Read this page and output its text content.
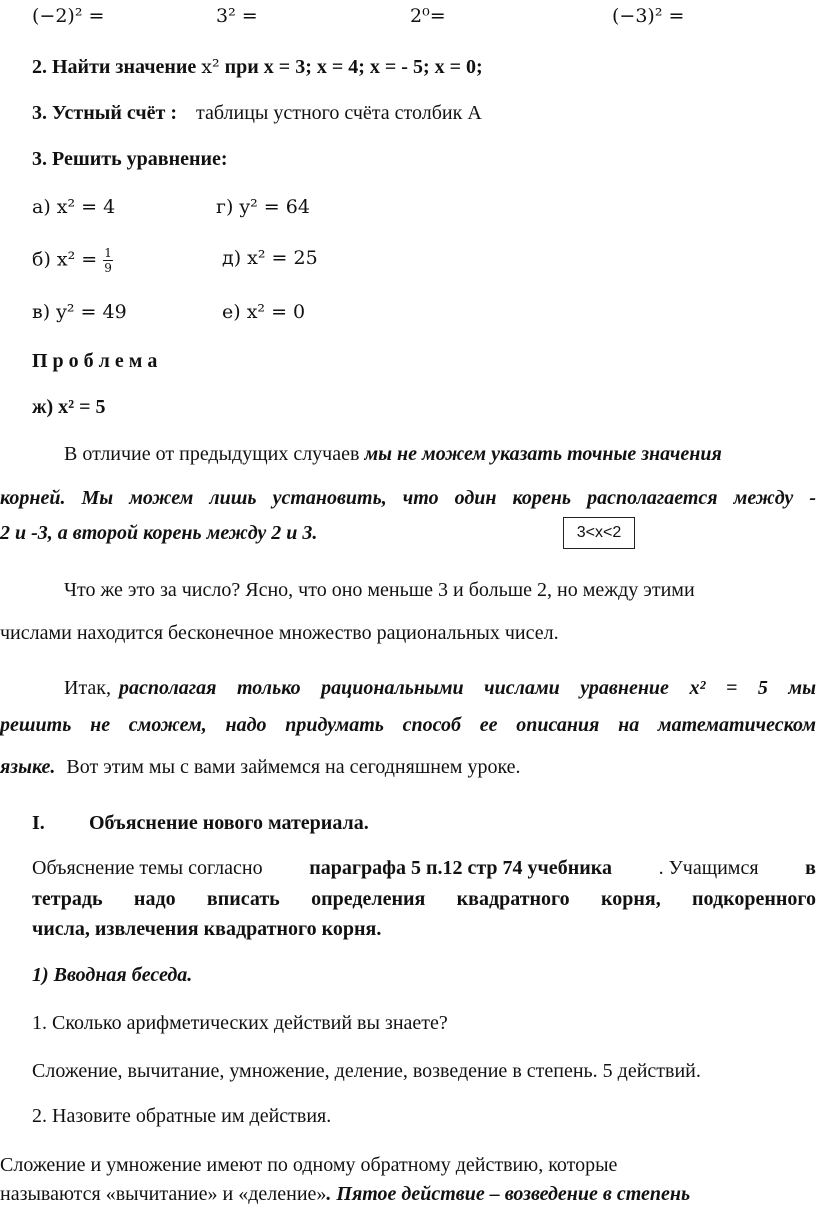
(−2)² =	3² =	2⁰=	(−3)² =
2. Найти значение x² при x = 3; x = 4; x = - 5; x = 0;
3. Устный счёт : таблицы устного счёта столбик А
3. Решить уравнение:
а) x² = 4	г) y² = 64
б) $x^2 = \frac{1}{9}$	д) x² = 25
в) y² = 49	е) x² = 0
П р о б л е м а
ж) x² = 5
В отличие от предыдущих случаев мы не можем указать точные значения
корней. Мы можем лишь установить, что один корень располагается между -
2 и -3, а второй корень между 2 и 3.	3<x<2
Что же это за число? Ясно, что оно меньше 3 и больше 2, но между этими
числами находится бесконечное множество рациональных чисел.
Итак, располагая только рациональными числами уравнение x² = 5 мы
решить не сможем, надо придумать способ ее описания на математическом
языке. Вот этим мы с вами займемся на сегодняшнем уроке.
I. Объяснение нового материала.
Объяснение темы согласно параграфа 5 п.12 стр 74 учебника . Учащимся в
тетрадь надо вписать определения квадратного корня, подкоренного
числа, извлечения квадратного корня.
1) Вводная беседа.
1. Сколько арифметических действий вы знаете?
Сложение, вычитание, умножение, деление, возведение в степень. 5 действий.
2. Назовите обратные им действия.
Сложение и умножение имеют по одному обратному действию, которые
называются «вычитание» и «деление». Пятое действие – возведение в степень
